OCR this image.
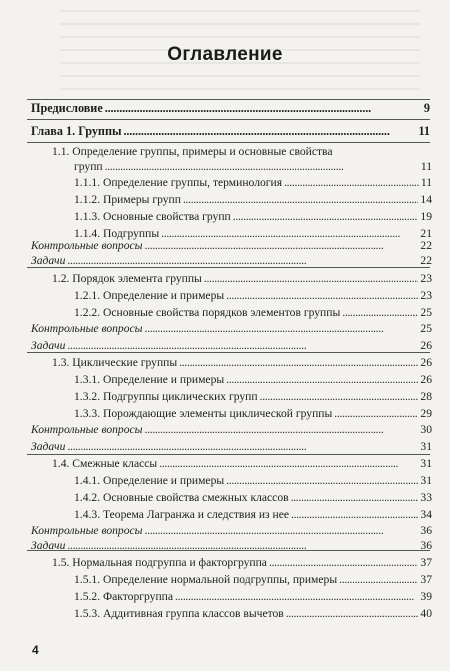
Оглавление
Предисловие . . .	9
Глава 1. Группы . . .	11
1.1. Определение группы, примеры и основные свойства
групп . . .	11
1.1.1. Определение группы, терминология . . .	11
1.1.2. Примеры групп . . .	14
1.1.3. Основные свойства групп . . .	19
1.1.4. Подгруппы . . .	21
Контрольные вопросы . . .	22
Задачи . . .	22
1.2. Порядок элемента группы . . .	23
1.2.1. Определение и примеры . . .	23
1.2.2. Основные свойства порядков элементов группы . . .	25
Контрольные вопросы . . .	25
Задачи . . .	26
1.3. Циклические группы . . .	26
1.3.1. Определение и примеры . . .	26
1.3.2. Подгруппы циклических групп . . .	28
1.3.3. Порождающие элементы циклической группы . . .	29
Контрольные вопросы . . .	30
Задачи . . .	31
1.4. Смежные классы . . .	31
1.4.1. Определение и примеры . . .	31
1.4.2. Основные свойства смежных классов . . .	33
1.4.3. Теорема Лагранжа и следствия из нее . . .	34
Контрольные вопросы . . .	36
Задачи . . .	36
1.5. Нормальная подгруппа и факторгруппа . . .	37
1.5.1. Определение нормальной подгруппы, примеры . . .	37
1.5.2. Факторгруппа . . .	39
1.5.3. Аддитивная группа классов вычетов . . .	40
4
